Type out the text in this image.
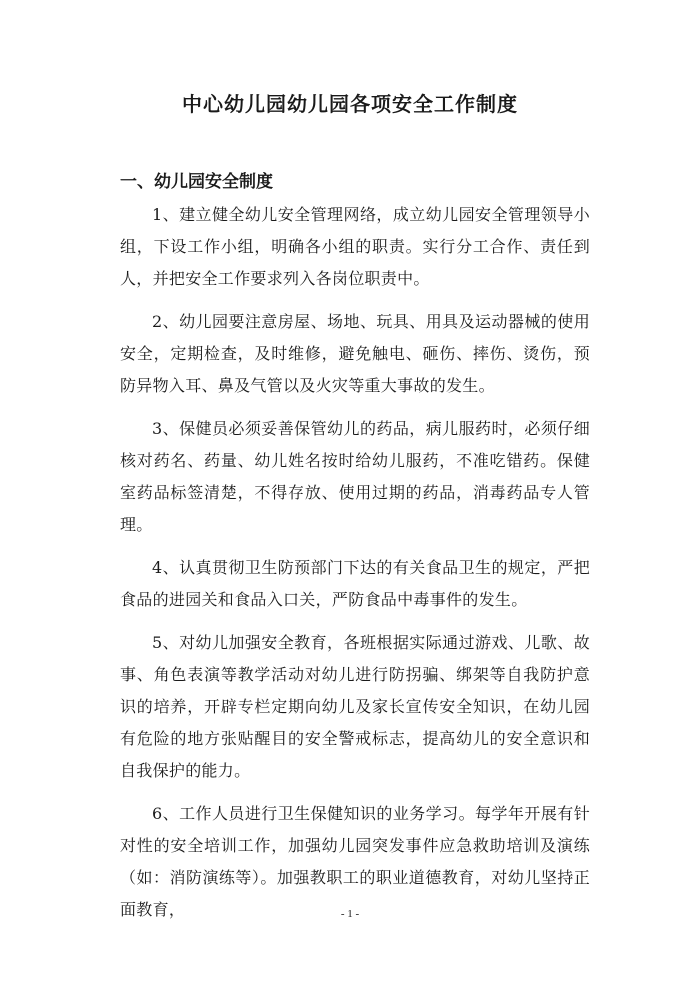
中心幼儿园幼儿园各项安全工作制度
一、幼儿园安全制度

1、建立健全幼儿安全管理网络，成立幼儿园安全管理领导小组，下设工作小组，明确各小组的职责。实行分工合作、责任到人，并把安全工作要求列入各岗位职责中。

2、幼儿园要注意房屋、场地、玩具、用具及运动器械的使用安全，定期检查，及时维修，避免触电、砸伤、摔伤、烫伤，预防异物入耳、鼻及气管以及火灾等重大事故的发生。

3、保健员必须妥善保管幼儿的药品，病儿服药时，必须仔细核对药名、药量、幼儿姓名按时给幼儿服药，不准吃错药。保健室药品标签清楚，不得存放、使用过期的药品，消毒药品专人管理。

4、认真贯彻卫生防预部门下达的有关食品卫生的规定，严把食品的进园关和食品入口关，严防食品中毒事件的发生。

5、对幼儿加强安全教育，各班根据实际通过游戏、儿歌、故事、角色表演等教学活动对幼儿进行防拐骗、绑架等自我防护意识的培养，开辟专栏定期向幼儿及家长宣传安全知识，在幼儿园有危险的地方张贴醒目的安全警戒标志，提高幼儿的安全意识和自我保护的能力。

6、工作人员进行卫生保健知识的业务学习。每学年开展有针对性的安全培训工作，加强幼儿园突发事件应急救助培训及演练（如：消防演练等）。加强教职工的职业道德教育，对幼儿坚持正面教育，	- 1 -
